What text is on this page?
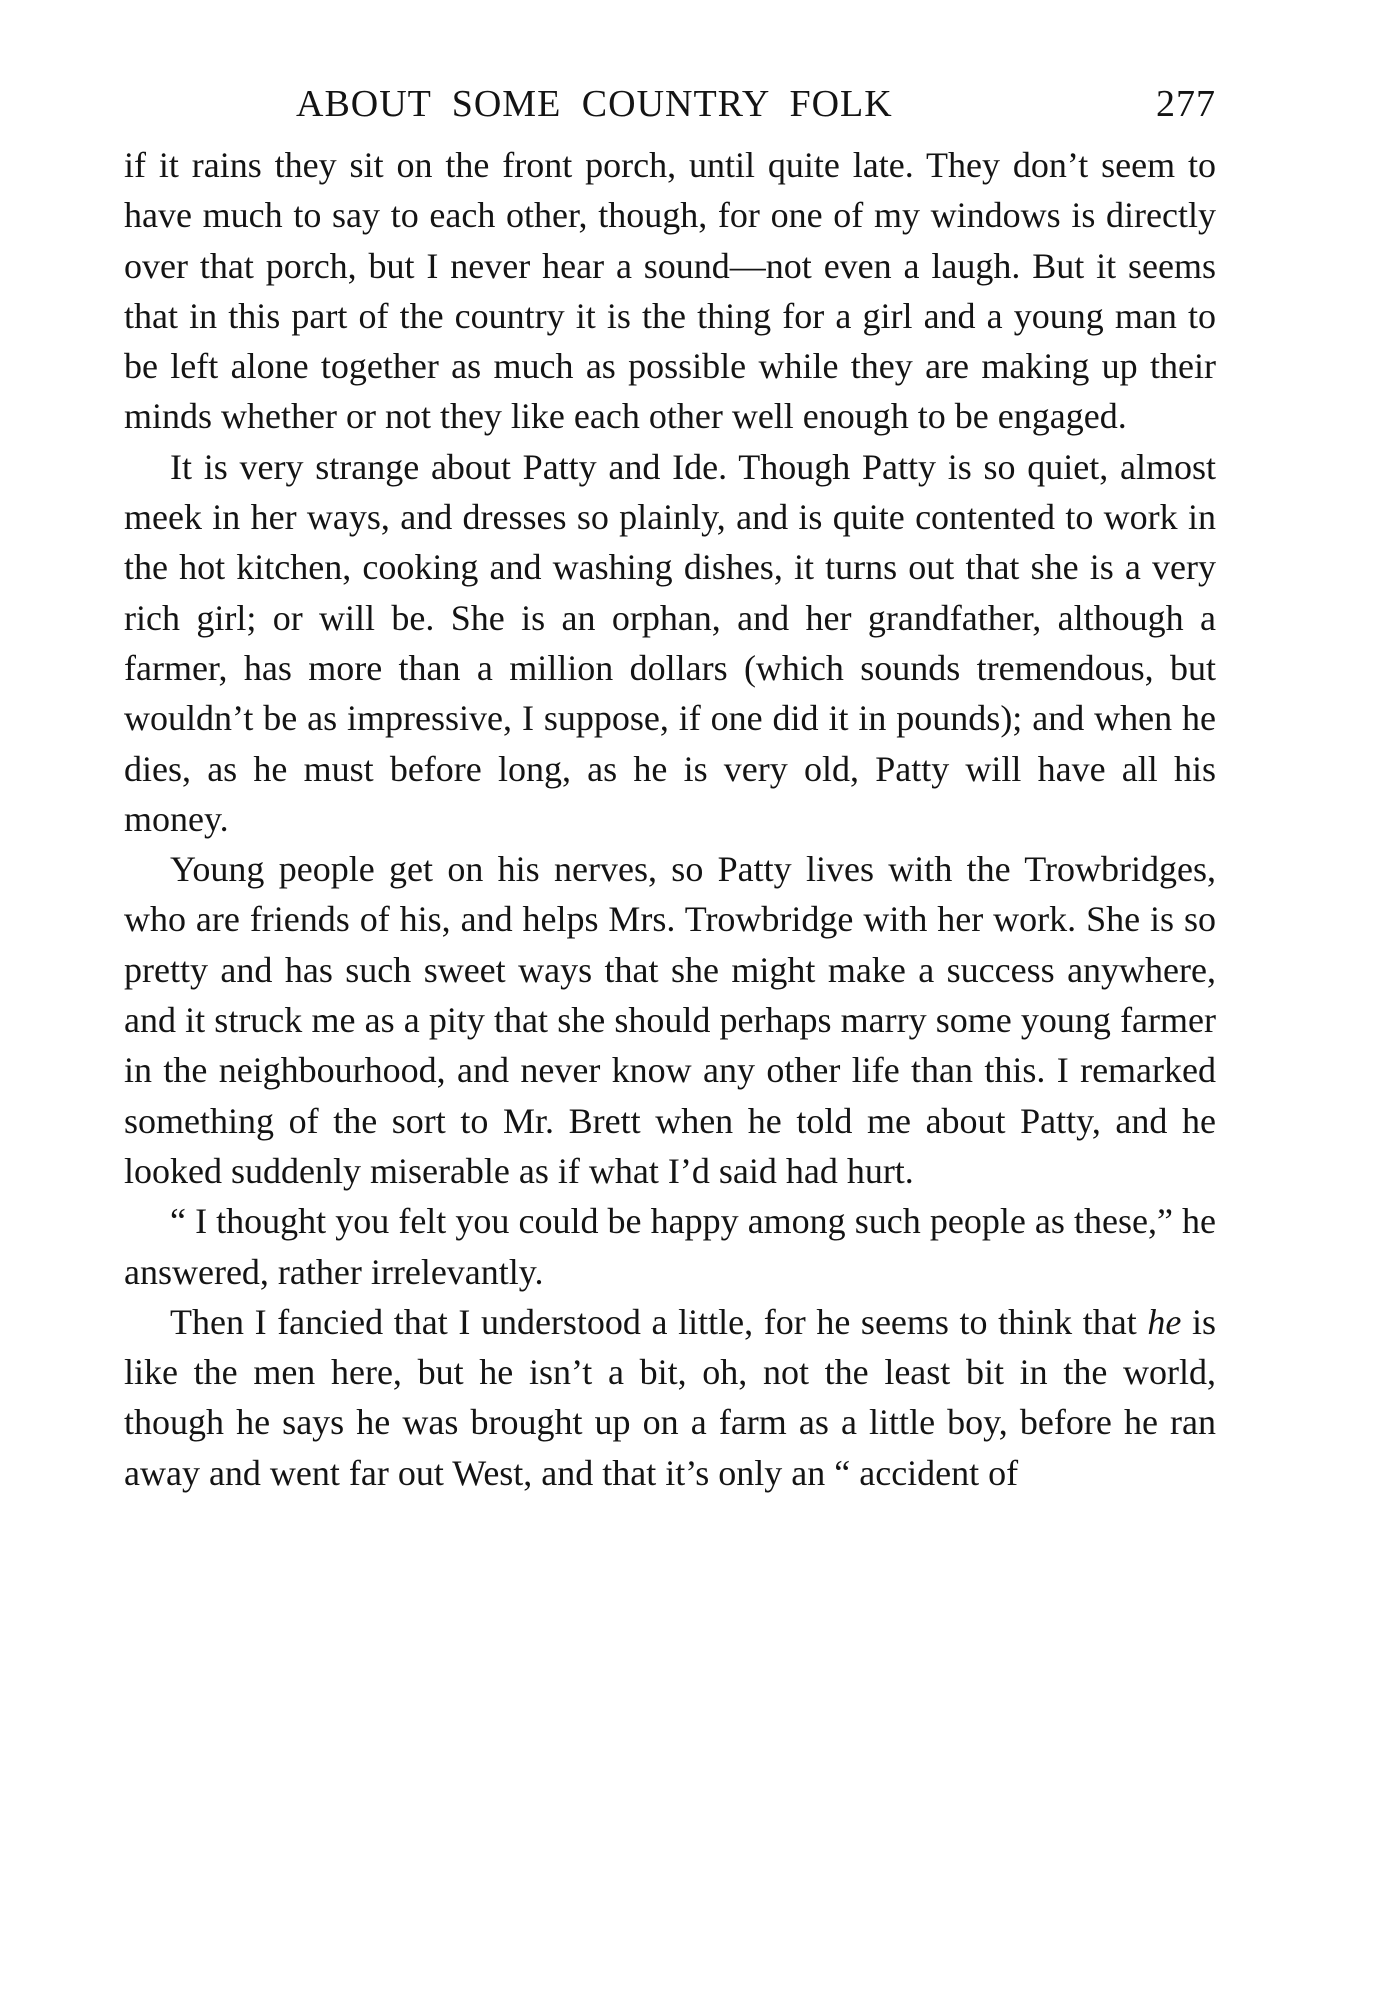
ABOUT SOME COUNTRY FOLK	277

if it rains they sit on the front porch, until quite late. They don’t seem to have much to say to each other, though, for one of my windows is directly over that porch, but I never hear a sound—not even a laugh. But it seems that in this part of the country it is the thing for a girl and a young man to be left alone together as much as possible while they are making up their minds whether or not they like each other well enough to be engaged.

It is very strange about Patty and Ide. Though Patty is so quiet, almost meek in her ways, and dresses so plainly, and is quite contented to work in the hot kitchen, cooking and washing dishes, it turns out that she is a very rich girl; or will be. She is an orphan, and her grandfather, although a farmer, has more than a million dollars (which sounds tremendous, but wouldn’t be as impressive, I suppose, if one did it in pounds); and when he dies, as he must before long, as he is very old, Patty will have all his money.

Young people get on his nerves, so Patty lives with the Trowbridges, who are friends of his, and helps Mrs. Trowbridge with her work. She is so pretty and has such sweet ways that she might make a success anywhere, and it struck me as a pity that she should perhaps marry some young farmer in the neighbourhood, and never know any other life than this. I remarked something of the sort to Mr. Brett when he told me about Patty, and he looked suddenly miserable as if what I’d said had hurt.

“ I thought you felt you could be happy among such people as these,” he answered, rather irrelevantly.

Then I fancied that I understood a little, for he seems to think that he is like the men here, but he isn’t a bit, oh, not the least bit in the world, though he says he was brought up on a farm as a little boy, before he ran away and went far out West, and that it’s only an “ accident of
